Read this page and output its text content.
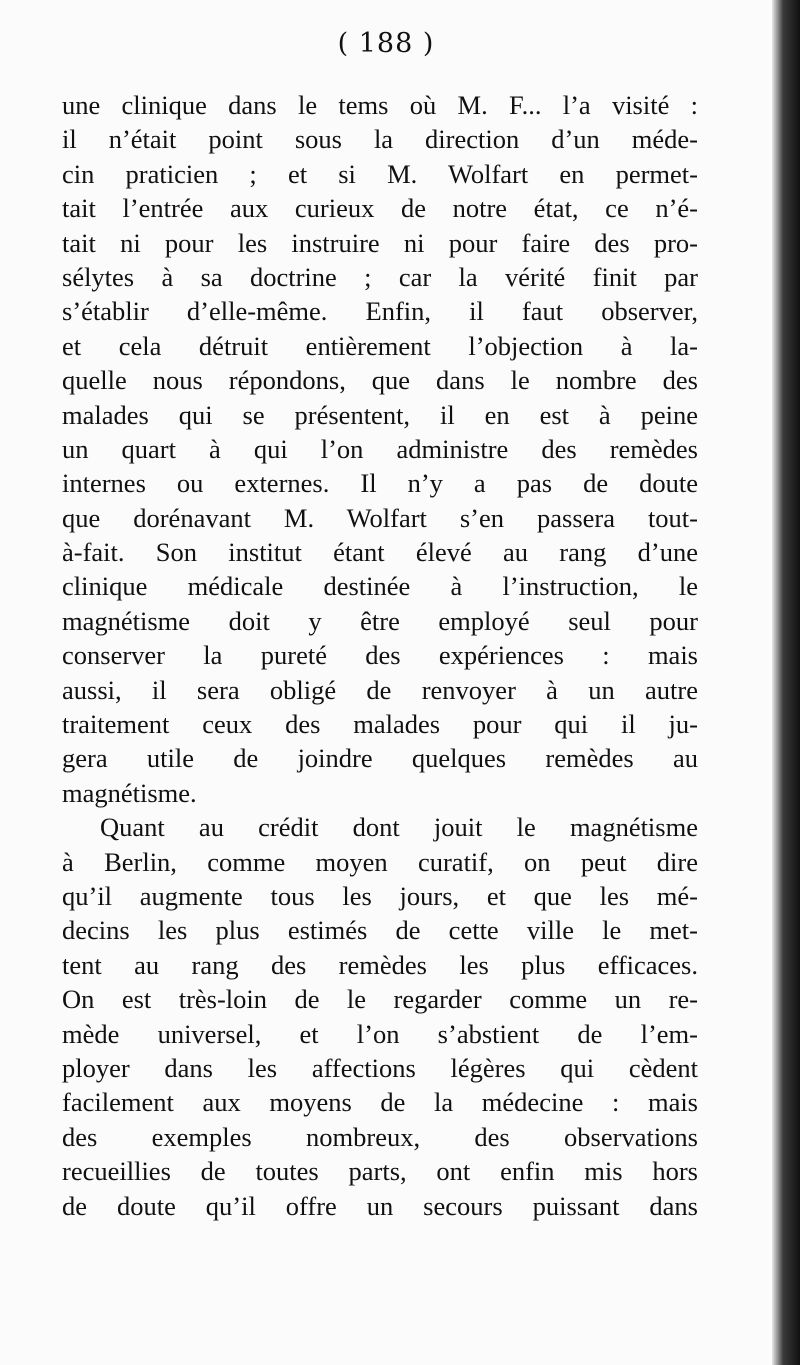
( 188 )
une clinique dans le tems où M. F... l’a visité :
il n’était point sous la direction d’un méde-
cin praticien ; et si M. Wolfart en permet-
tait l’entrée aux curieux de notre état, ce n’é-
tait ni pour les instruire ni pour faire des pro-
sélytes à sa doctrine ; car la vérité finit par
s’établir d’elle-même. Enfin, il faut observer,
et cela détruit entièrement l’objection à la-
quelle nous répondons, que dans le nombre des
malades qui se présentent, il en est à peine
un quart à qui l’on administre des remèdes
internes ou externes. Il n’y a pas de doute
que dorénavant M. Wolfart s’en passera tout-
à-fait. Son institut étant élevé au rang d’une
clinique médicale destinée à l’instruction, le
magnétisme doit y être employé seul pour
conserver la pureté des expériences : mais
aussi, il sera obligé de renvoyer à un autre
traitement ceux des malades pour qui il ju-
gera utile de joindre quelques remèdes au
magnétisme.
Quant au crédit dont jouit le magnétisme
à Berlin, comme moyen curatif, on peut dire
qu’il augmente tous les jours, et que les mé-
decins les plus estimés de cette ville le met-
tent au rang des remèdes les plus efficaces.
On est très-loin de le regarder comme un re-
mède universel, et l’on s’abstient de l’em-
ployer dans les affections légères qui cèdent
facilement aux moyens de la médecine : mais
des exemples nombreux, des observations
recueillies de toutes parts, ont enfin mis hors
de doute qu’il offre un secours puissant dans
